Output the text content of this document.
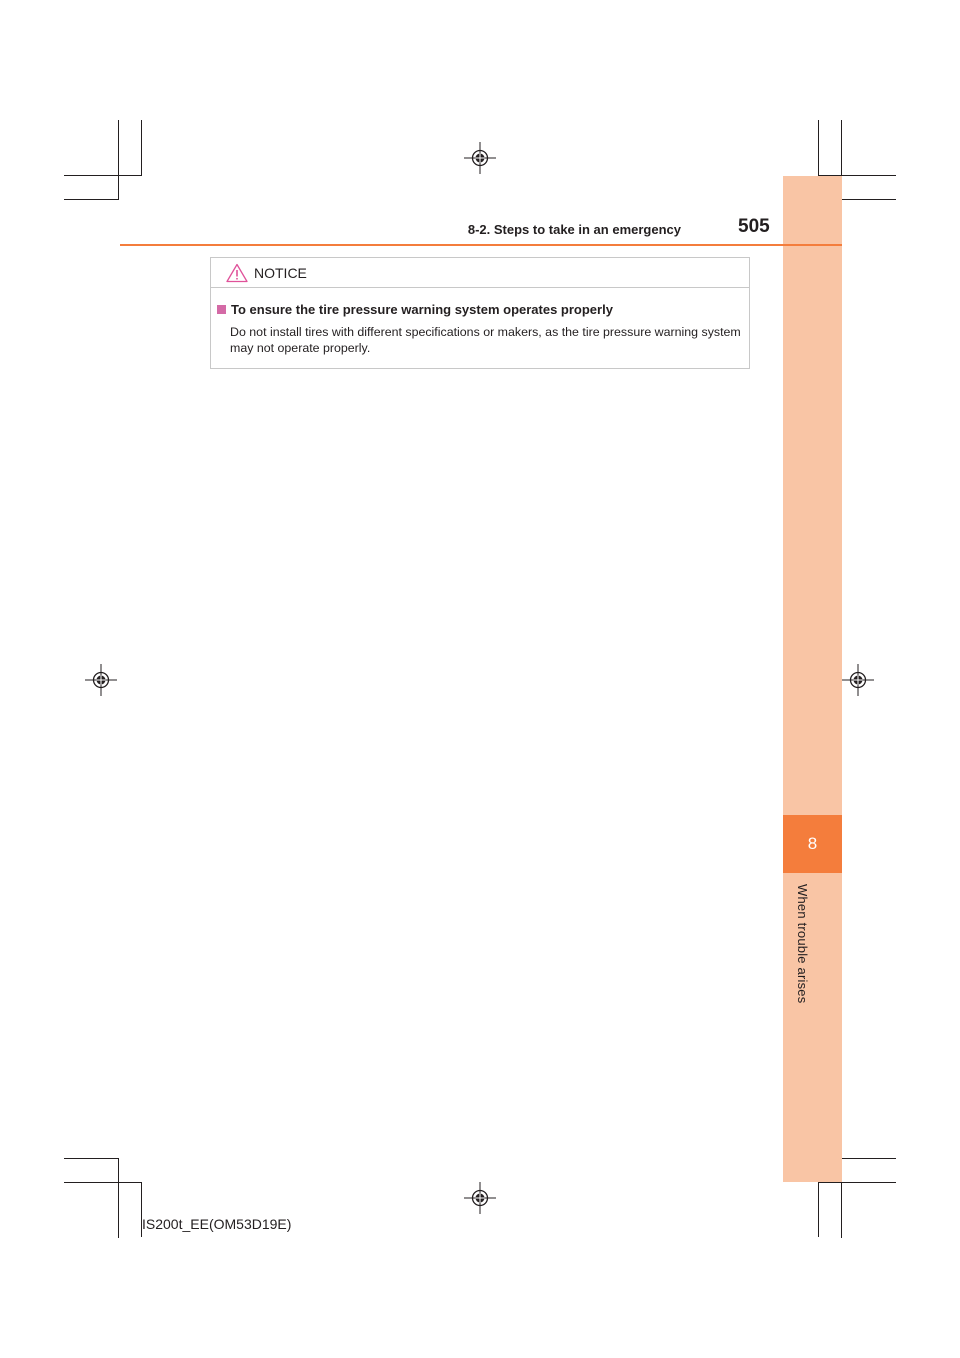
8
When trouble arises
8-2. Steps to take in an emergency	505
NOTICE
To ensure the tire pressure warning system operates properly
Do not install tires with different specifications or makers, as the tire pressure warning system may not operate properly.
IS200t_EE(OM53D19E)
